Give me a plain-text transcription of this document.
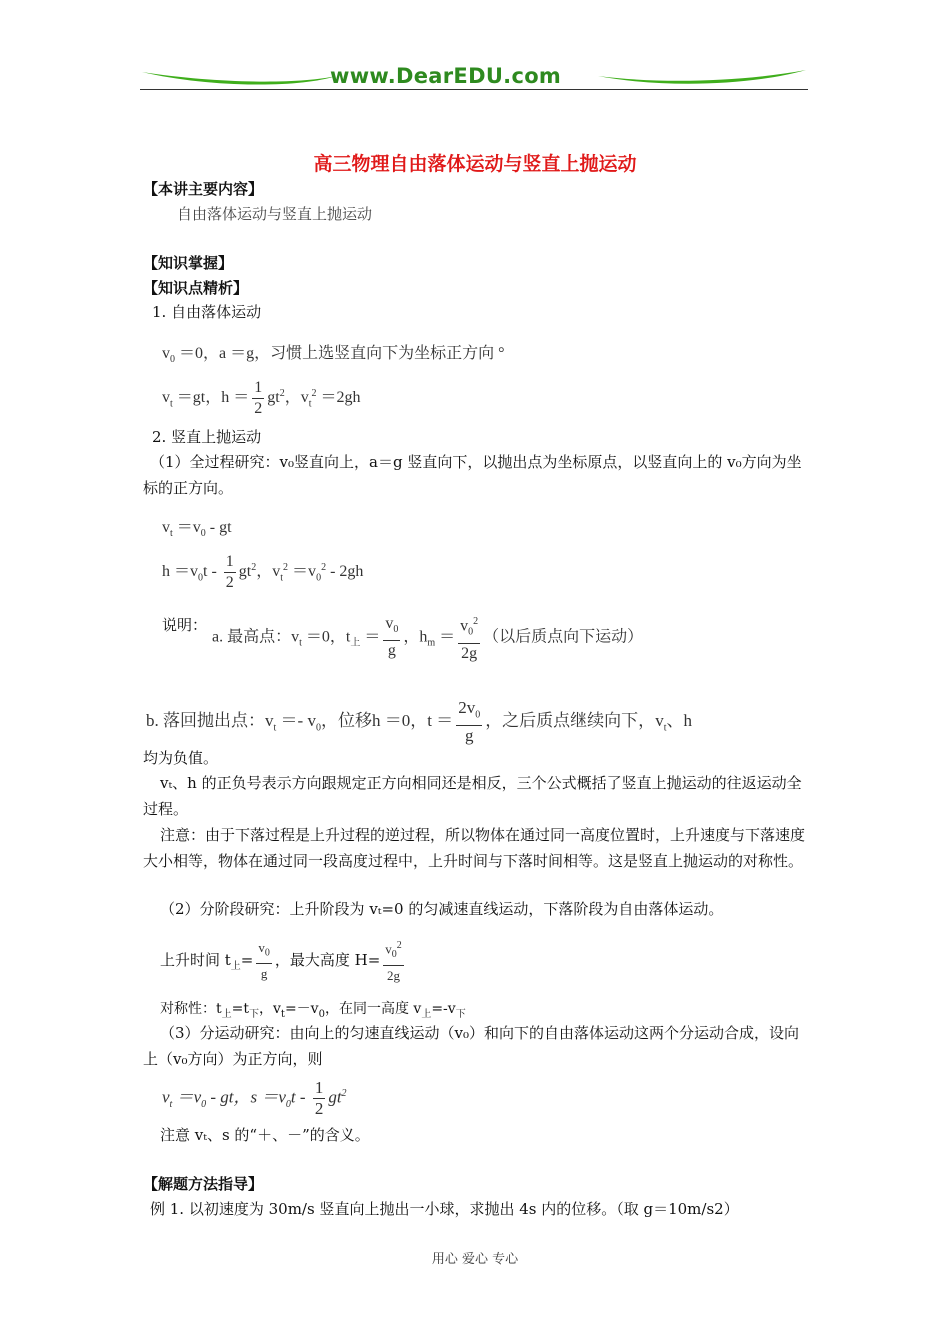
www.DearEDU.com
高三物理自由落体运动与竖直上抛运动
【本讲主要内容】
自由落体运动与竖直上抛运动
【知识掌握】
【知识点精析】
1. 自由落体运动
$v_0 =0$，a ＝g，习惯上选竖直向下为坐标正方向 °
$v_t =gt$，$h = \frac{1}{2} gt^2$，$v_t^2 =2gh$
2. 竖直上抛运动
（1）全过程研究：v₀竖直向上，a＝g 竖直向下，以抛出点为坐标原点，以竖直向上的 v₀方向为坐标的正方向。
$v_t =v_0$ - gt
$h =v_0t - \frac{1}{2} gt^2$，$v_t^2 =v_0^2 - 2gh$
说明：
a. 最高点：$v_t =0$，$t_上 = \frac{v_0}{g}$ ，$h_m = \frac{v_0^2}{2g}$ （以后质点向下运动）
b. 落回抛出点：$v_t =- v_0$，位移h ＝0，$t = \frac{2v_0}{g}$ ，之后质点继续向下，$v_t$、h
均为负值。
vₜ、h 的正负号表示方向跟规定正方向相同还是相反，三个公式概括了竖直上抛运动的往返运动全过程。
注意：由于下落过程是上升过程的逆过程，所以物体在通过同一高度位置时，上升速度与下落速度大小相等，物体在通过同一段高度过程中，上升时间与下落时间相等。这是竖直上抛运动的对称性。
（2）分阶段研究：上升阶段为 vₜ=0 的匀减速直线运动，下落阶段为自由落体运动。
上升时间 $t_上= \frac{v_0}{g}$ ，最大高度 $H= \frac{v_0^2}{2g}$
对称性：$t_上=t_下$，$v_t=-v_0$，在同一高度 $v_上=-v_下$
（3）分运动研究：由向上的匀速直线运动（v₀）和向下的自由落体运动这两个分运动合成，设向上（v₀方向）为正方向，则
$v_t =v_0$ - gt，$s =v_0t - \frac{1}{2} gt^2$
注意 vₜ、s 的“＋、－”的含义。
【解题方法指导】
例 1. 以初速度为 30m/s 竖直向上抛出一小球，求抛出 4s 内的位移。（取 g＝10m/s2）
用心 爱心 专心
